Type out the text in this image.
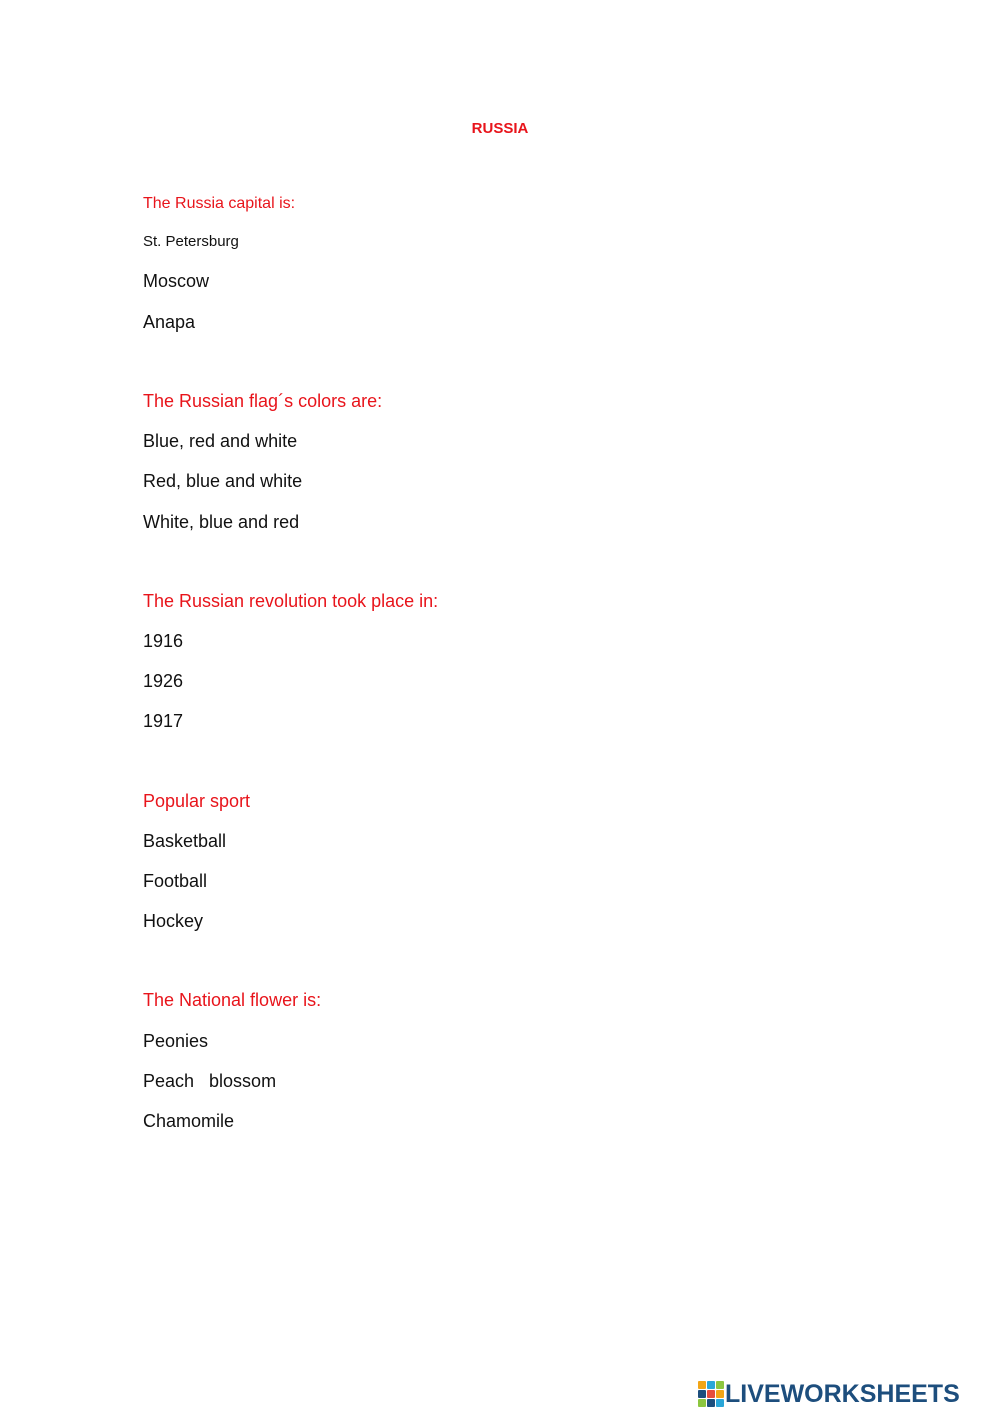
RUSSIA
The Russia capital is:
St. Petersburg
Moscow
Anapa
The Russian flag´s colors are:
Blue, red and white
Red, blue and white
White, blue and red
The Russian revolution took place in:
1916
1926
1917
Popular sport
Basketball
Football
Hockey
The National flower is:
Peonies
Peach   blossom
Chamomile
LIVEWORKSHEETS
